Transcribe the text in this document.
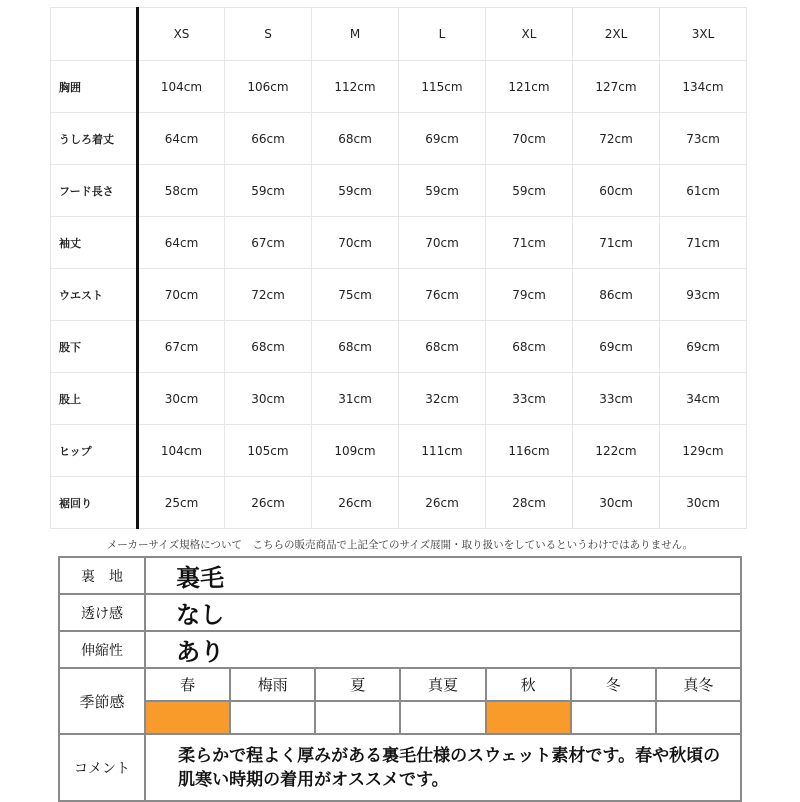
	XS	S	M	L	XL	2XL	3XL
胸囲	104cm	106cm	112cm	115cm	121cm	127cm	134cm
うしろ着丈	64cm	66cm	68cm	69cm	70cm	72cm	73cm
フード長さ	58cm	59cm	59cm	59cm	59cm	60cm	61cm
袖丈	64cm	67cm	70cm	70cm	71cm	71cm	71cm
ウエスト	70cm	72cm	75cm	76cm	79cm	86cm	93cm
股下	67cm	68cm	68cm	68cm	68cm	69cm	69cm
股上	30cm	30cm	31cm	32cm	33cm	33cm	34cm
ヒップ	104cm	105cm	109cm	111cm	116cm	122cm	129cm
裾回り	25cm	26cm	26cm	26cm	28cm	30cm	30cm
メーカーサイズ規格について　こちらの販売商品で上記全てのサイズ展開・取り扱いをしているというわけではありません。
裏　地	裏毛						
透け感	なし						
伸縮性	あり						
季節感	春	梅雨	夏	真夏	秋	冬	真冬

コメント	柔らかで程よく厚みがある裏毛仕様のスウェット素材です。春や秋頃の肌寒い時期の着用がオススメです。						
